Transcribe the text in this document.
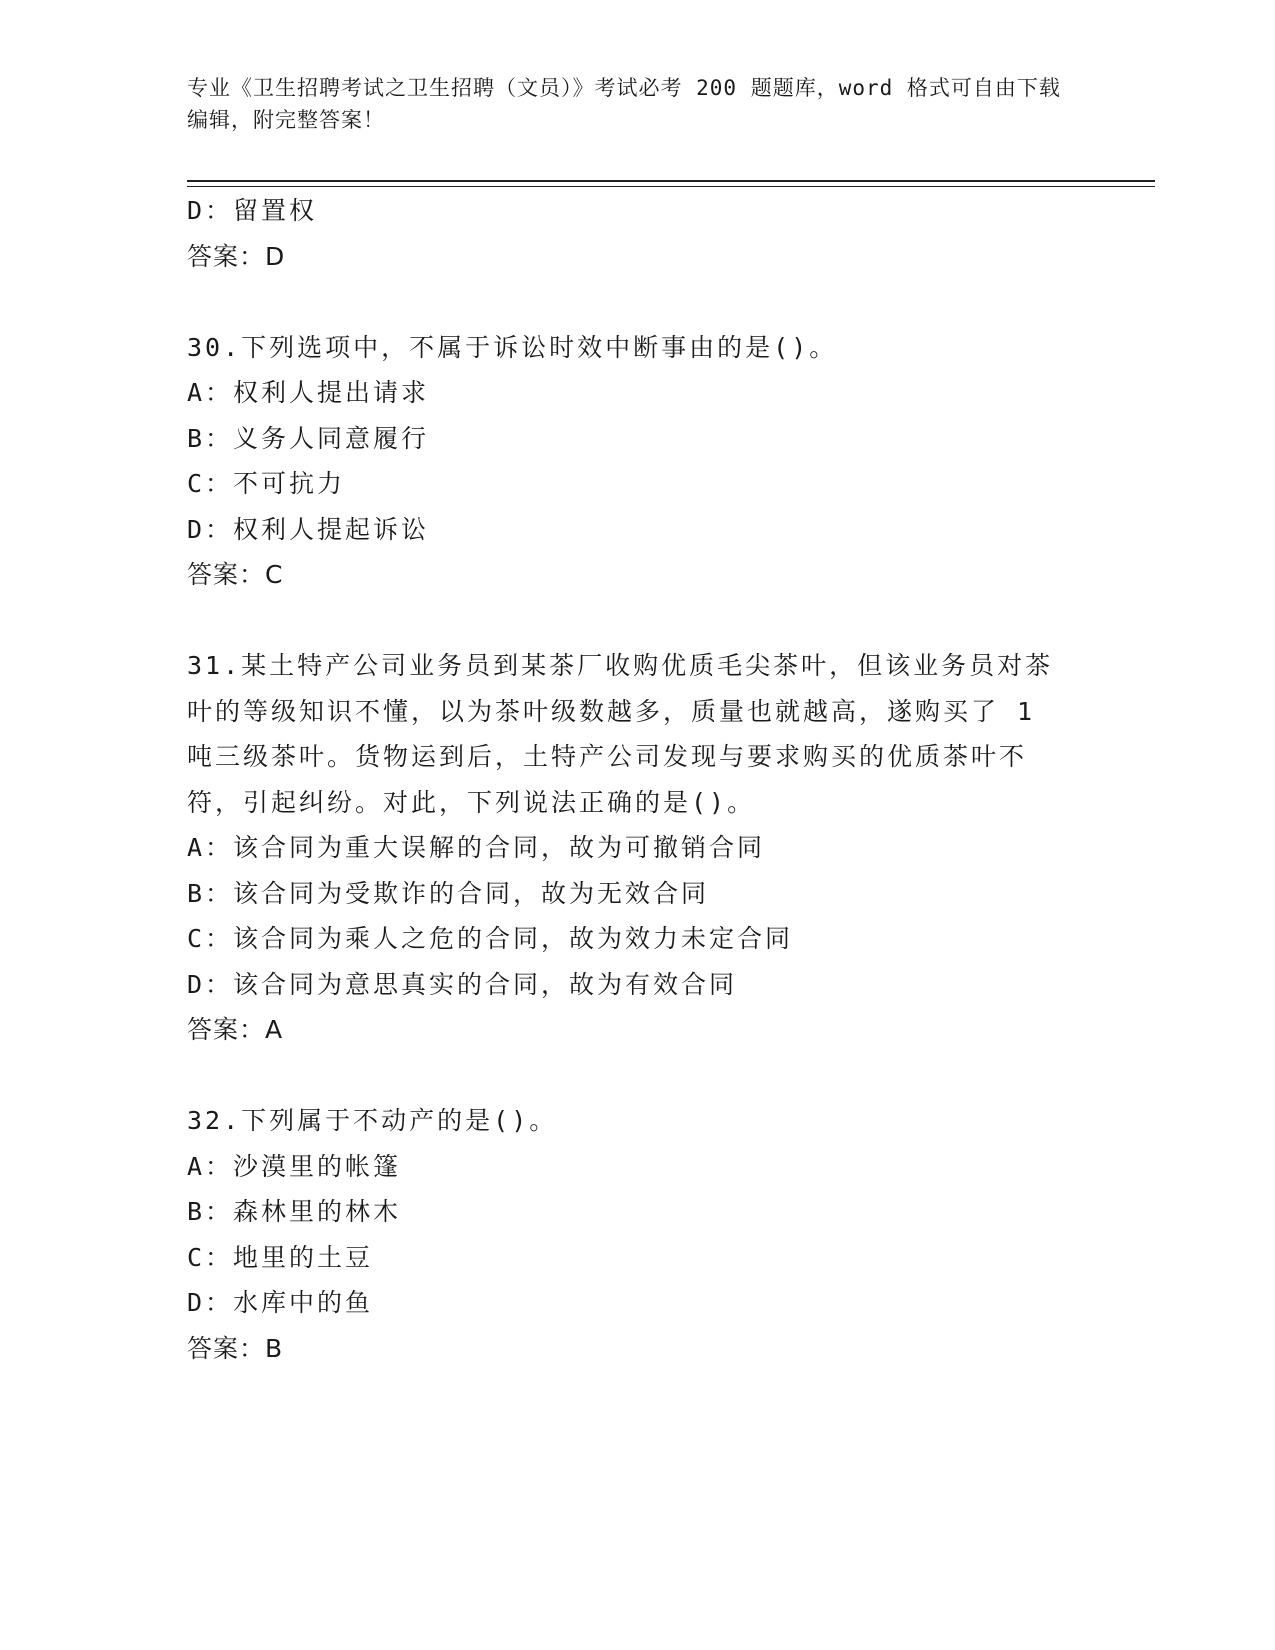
专业《卫生招聘考试之卫生招聘（文员）》考试必考 200 题题库，word 格式可自由下载编辑，附完整答案！
D：留置权
答案：D
30.下列选项中，不属于诉讼时效中断事由的是()。
A：权利人提出请求
B：义务人同意履行
C：不可抗力
D：权利人提起诉讼
答案：C
31.某土特产公司业务员到某茶厂收购优质毛尖茶叶，但该业务员对茶
叶的等级知识不懂，以为茶叶级数越多，质量也就越高，遂购买了 1
吨三级茶叶。货物运到后，土特产公司发现与要求购买的优质茶叶不
符，引起纠纷。对此，下列说法正确的是()。
A：该合同为重大误解的合同，故为可撤销合同
B：该合同为受欺诈的合同，故为无效合同
C：该合同为乘人之危的合同，故为效力未定合同
D：该合同为意思真实的合同，故为有效合同
答案：A
32.下列属于不动产的是()。
A：沙漠里的帐篷
B：森林里的林木
C：地里的土豆
D：水库中的鱼
答案：B
